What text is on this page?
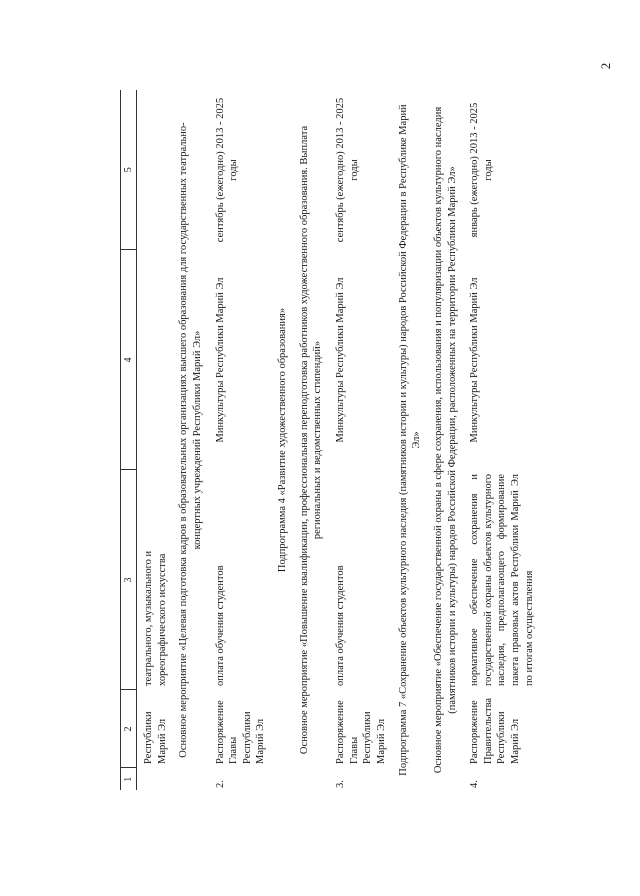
2
1	2	3	4	5
	Республики Марий Эл	театрального, музыкального и хореографического искусства		
Основное мероприятие «Целевая подготовка кадров в образовательных организациях высшего образования для государственных театрально-концертных учреждений Республики Марий Эл»				
2.	Распоряжение Главы Республики Марий Эл	оплата обучения студентов	Минкультуры Республики Марий Эл	сентябрь (ежегодно) 2013 - 2025 годы
Подпрограмма 4 «Развитие художественного образования»				
Основное мероприятие «Повышение квалификации, профессиональная переподготовка работников художественного образования. Выплата региональных и ведомственных стипендий»				
3.	Распоряжение Главы Республики Марий Эл	оплата обучения студентов	Минкультуры Республики Марий Эл	сентябрь (ежегодно) 2013 - 2025 годы
Подпрограмма 7 «Сохранение объектов культурного наследия (памятников истории и культуры) народов Российской Федерации в Республике Марий Эл»				
Основное мероприятие «Обеспечение государственной охраны в сфере сохранения, использования и популяризации объектов культурного наследия (памятников истории и культуры) народов Российской Федерации, расположенных на территории Республики Марий Эл»				
4.	Распоряжение Правительства Республики Марий Эл	нормативное обеспечение сохранения и государственной охраны объектов культурного наследия, предполагающего формирование пакета правовых актов Республики Марий Эл по итогам осуществления	Минкультуры Республики Марий Эл	январь (ежегодно) 2013 - 2025 годы
